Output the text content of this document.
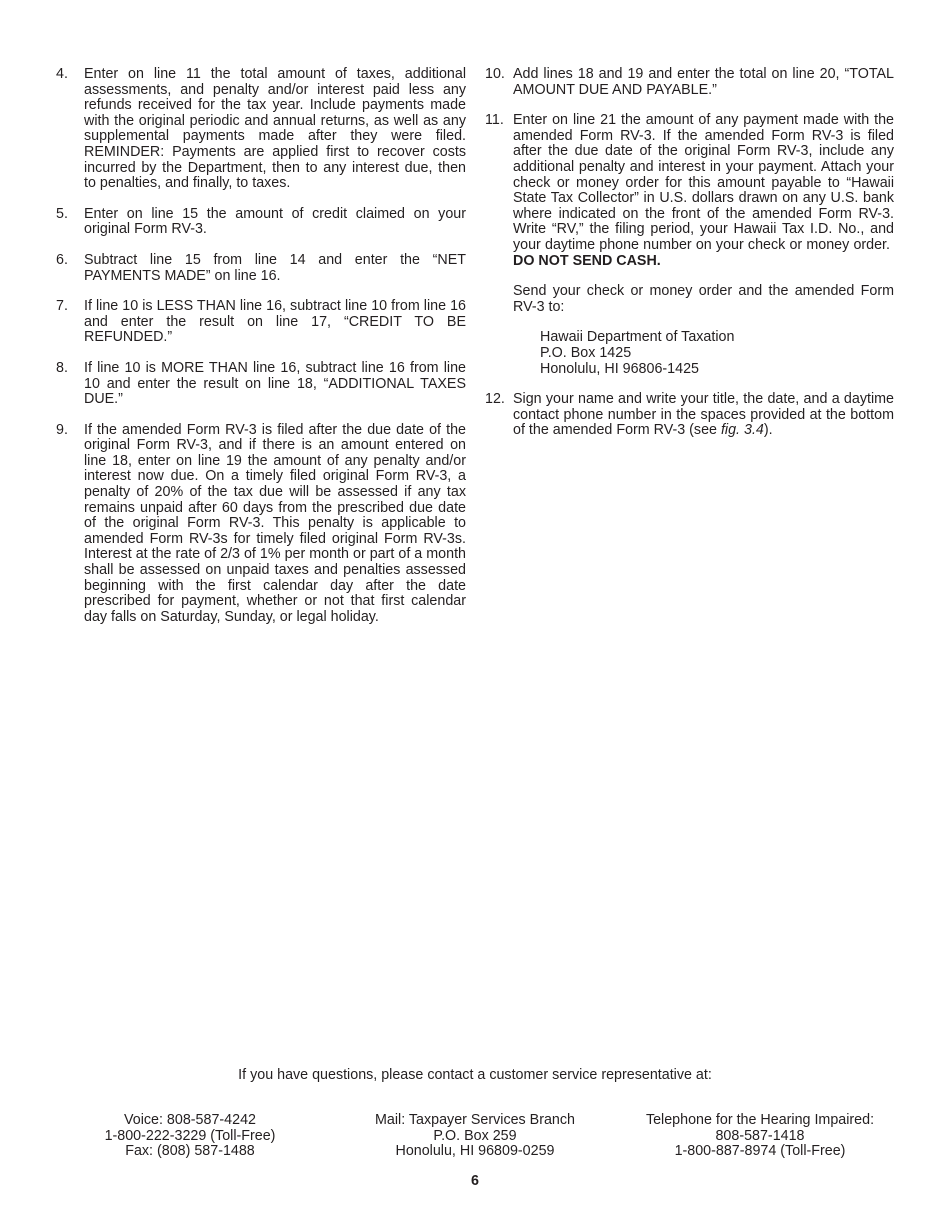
4. Enter on line 11 the total amount of taxes, additional assessments, and penalty and/or interest paid less any refunds received for the tax year. Include payments made with the original periodic and annual returns, as well as any supplemental payments made after they were filed. REMINDER: Payments are applied first to recover costs incurred by the Department, then to any interest due, then to penalties, and finally, to taxes.
5. Enter on line 15 the amount of credit claimed on your original Form RV-3.
6. Subtract line 15 from line 14 and enter the “NET PAYMENTS MADE” on line 16.
7. If line 10 is LESS THAN line 16, subtract line 10 from line 16 and enter the result on line 17, “CREDIT TO BE REFUNDED.”
8. If line 10 is MORE THAN line 16, subtract line 16 from line 10 and enter the result on line 18, “ADDITIONAL TAXES DUE.”
9. If the amended Form RV-3 is filed after the due date of the original Form RV-3, and if there is an amount entered on line 18, enter on line 19 the amount of any penalty and/or interest now due. On a timely filed original Form RV-3, a penalty of 20% of the tax due will be assessed if any tax remains unpaid after 60 days from the prescribed due date of the original Form RV-3. This penalty is applicable to amended Form RV-3s for timely filed original Form RV-3s. Interest at the rate of 2/3 of 1% per month or part of a month shall be assessed on unpaid taxes and penalties assessed beginning with the first calendar day after the date prescribed for payment, whether or not that first calendar day falls on Saturday, Sunday, or legal holiday.
10. Add lines 18 and 19 and enter the total on line 20, “TOTAL AMOUNT DUE AND PAYABLE.”
11. Enter on line 21 the amount of any payment made with the amended Form RV-3. If the amended Form RV-3 is filed after the due date of the original Form RV-3, include any additional penalty and interest in your payment. Attach your check or money order for this amount payable to “Hawaii State Tax Collector” in U.S. dollars drawn on any U.S. bank where indicated on the front of the amended Form RV-3. Write “RV,” the filing period, your Hawaii Tax I.D. No., and your daytime phone number on your check or money order.  DO NOT SEND CASH.
Send your check or money order and the amended Form RV-3 to:
Hawaii Department of Taxation
P.O. Box 1425
Honolulu, HI 96806-1425
12. Sign your name and write your title, the date, and a daytime contact phone number in the spaces provided at the bottom of the amended Form RV-3 (see fig. 3.4).
If you have questions, please contact a customer service representative at:
Voice: 808-587-4242
1-800-222-3229 (Toll-Free)
Fax: (808) 587-1488
Mail: Taxpayer Services Branch
P.O. Box 259
Honolulu, HI 96809-0259
Telephone for the Hearing Impaired:
808-587-1418
1-800-887-8974 (Toll-Free)
6
